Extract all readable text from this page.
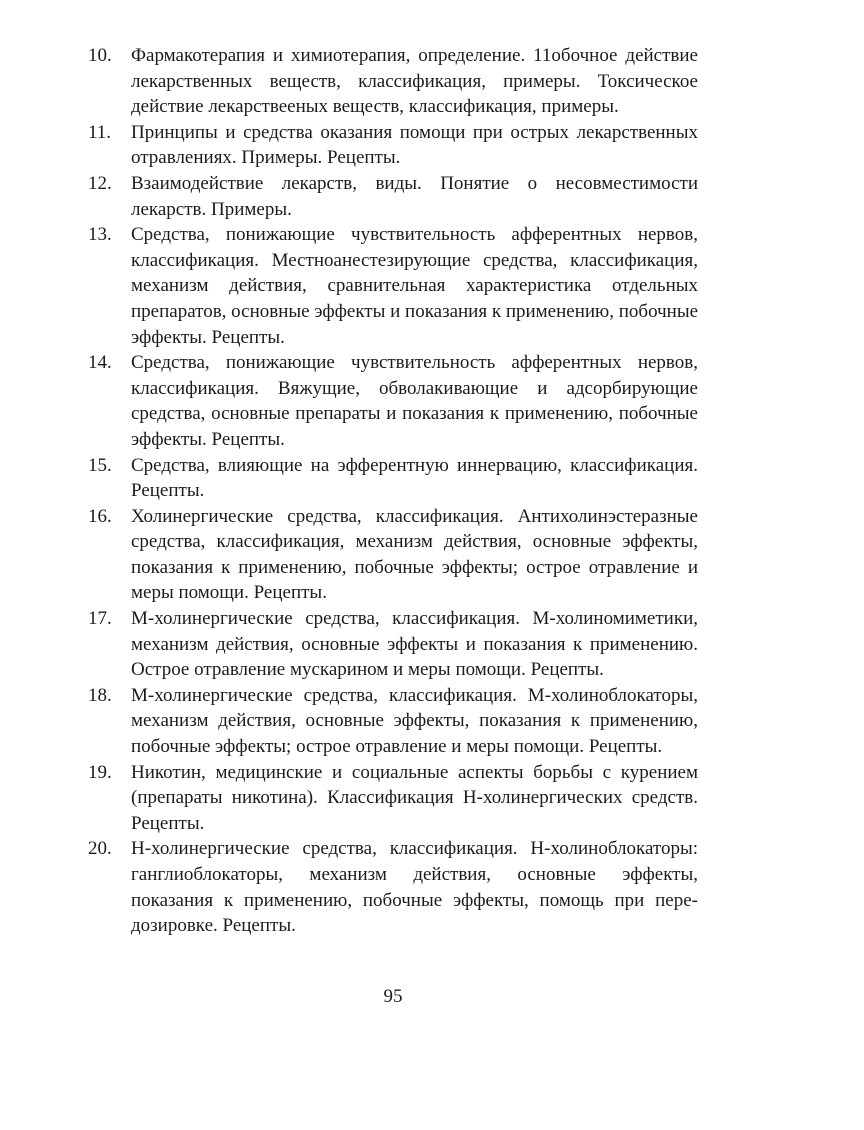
10.	Фармакотерапия и химиотерапия, определение. 11обочное действие лекарственных веществ, классификация, примеры. Токсическое действие лекарствееных веществ, классификация, примеры.
11.	Принципы и средства оказания помощи при острых лекарственных отравлениях. Примеры. Рецепты.
12.	Взаимодействие лекарств, виды. Понятие о несовместимости лекарств. Примеры.
13.	Средства, понижающие чувствительность афферентных нервов, классификация. Местноанестезирующие средства, классификация, механизм действия, сравнительная характеристика отдельных препаратов, основные эффекты и показания к применению, побочные эффекты. Рецепты.
14.	Средства, понижающие чувствительность афферентных нервов, классификация. Вяжущие, обволакивающие и адсорбирующие средства, основные препараты и показания к применению, побочные эффекты. Рецепты.
15.	Средства, влияющие на эфферентную иннервацию, классификация. Рецепты.
16.	Холинергические средства, классификация. Антихолинэстеразные средства, классификация, механизм действия, основные эффекты, показания к применению, побочные эффекты; острое отравление и меры помощи. Рецепты.
17.	М-холинергические средства, классификация. М-холиномиметики, механизм действия, основные эффекты и показания к применению. Острое отравление мускарином и меры помощи. Рецепты.
18.	М-холинергические средства, классификация. М-холиноблокаторы, механизм действия, основные эффекты, показания к применению, побочные эффекты; острое отравление и меры помощи. Рецепты.
19.	Никотин, медицинские и социальные аспекты борьбы с курением (препараты никотина). Классификация Н-холинергических средств. Рецепты.
20.	Н-холинергические средства, классификация. Н-холиноблокаторы: ганглиоблокаторы, механизм действия, основные эффекты, показания к применению, побочные эффекты, помощь при передозировке. Рецепты.
95
